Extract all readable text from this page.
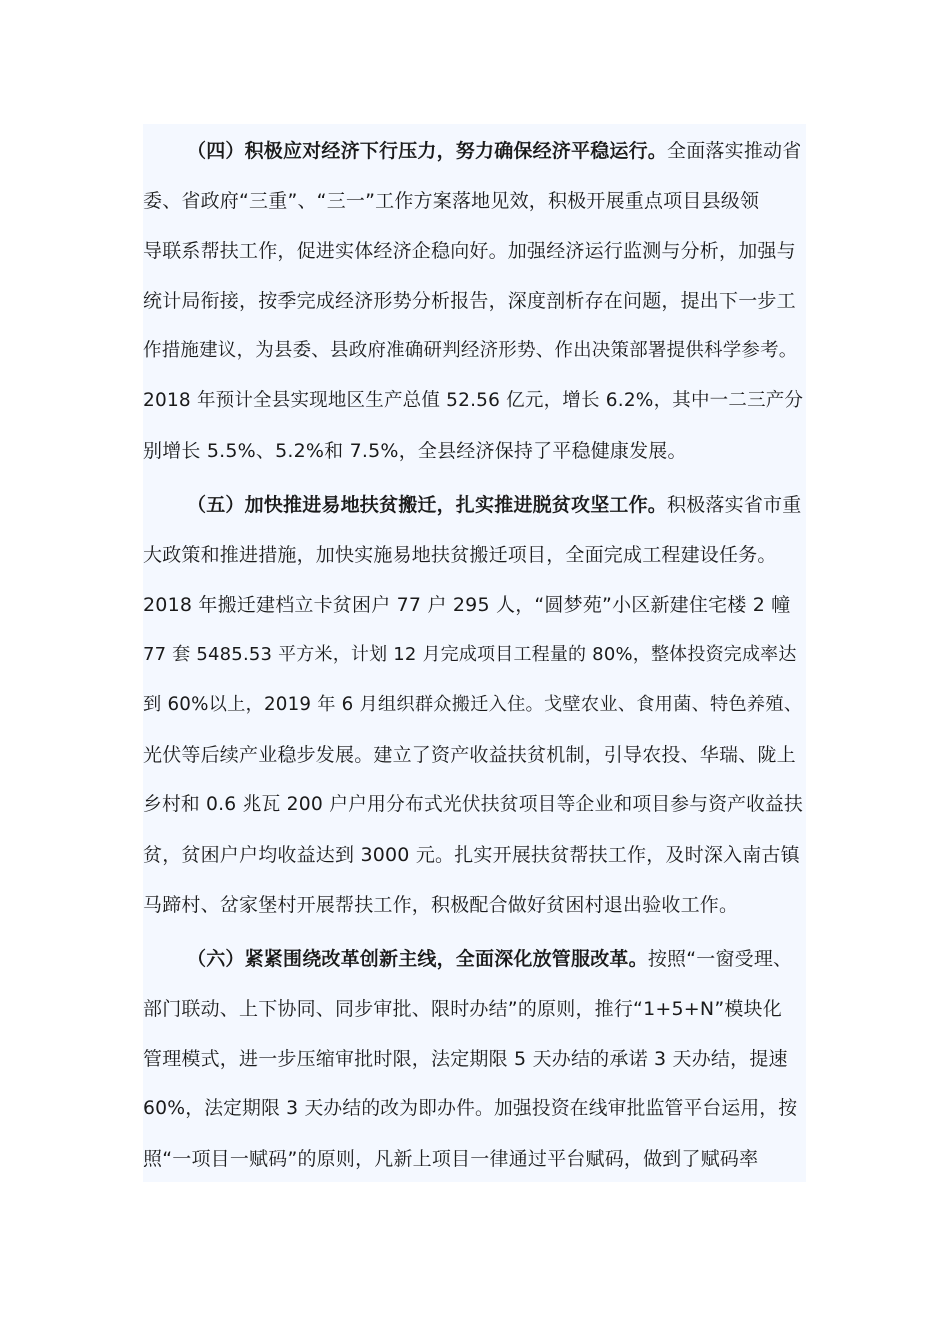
（四）积极应对经济下行压力，努力确保经济平稳运行。全面落实推动省
委、省政府“三重”、“三一”工作方案落地见效，积极开展重点项目县级领
导联系帮扶工作，促进实体经济企稳向好。加强经济运行监测与分析，加强与
统计局衔接，按季完成经济形势分析报告，深度剖析存在问题，提出下一步工
作措施建议，为县委、县政府准确研判经济形势、作出决策部署提供科学参考。
2018 年预计全县实现地区生产总值 52.56 亿元，增长 6.2%，其中一二三产分
别增长 5.5%、5.2%和 7.5%，全县经济保持了平稳健康发展。
（五）加快推进易地扶贫搬迁，扎实推进脱贫攻坚工作。积极落实省市重
大政策和推进措施，加快实施易地扶贫搬迁项目，全面完成工程建设任务。
2018 年搬迁建档立卡贫困户 77 户 295 人，“圆梦苑”小区新建住宅楼 2 幢
77 套 5485.53 平方米，计划 12 月完成项目工程量的 80%，整体投资完成率达
到 60%以上，2019 年 6 月组织群众搬迁入住。戈壁农业、食用菌、特色养殖、
光伏等后续产业稳步发展。建立了资产收益扶贫机制，引导农投、华瑞、陇上
乡村和 0.6 兆瓦 200 户户用分布式光伏扶贫项目等企业和项目参与资产收益扶
贫，贫困户户均收益达到 3000 元。扎实开展扶贫帮扶工作，及时深入南古镇
马蹄村、岔家堡村开展帮扶工作，积极配合做好贫困村退出验收工作。
（六）紧紧围绕改革创新主线，全面深化放管服改革。按照“一窗受理、
部门联动、上下协同、同步审批、限时办结”的原则，推行“1+5+N”模块化
管理模式，进一步压缩审批时限，法定期限 5 天办结的承诺 3 天办结，提速
60%，法定期限 3 天办结的改为即办件。加强投资在线审批监管平台运用，按
照“一项目一赋码”的原则，凡新上项目一律通过平台赋码，做到了赋码率
